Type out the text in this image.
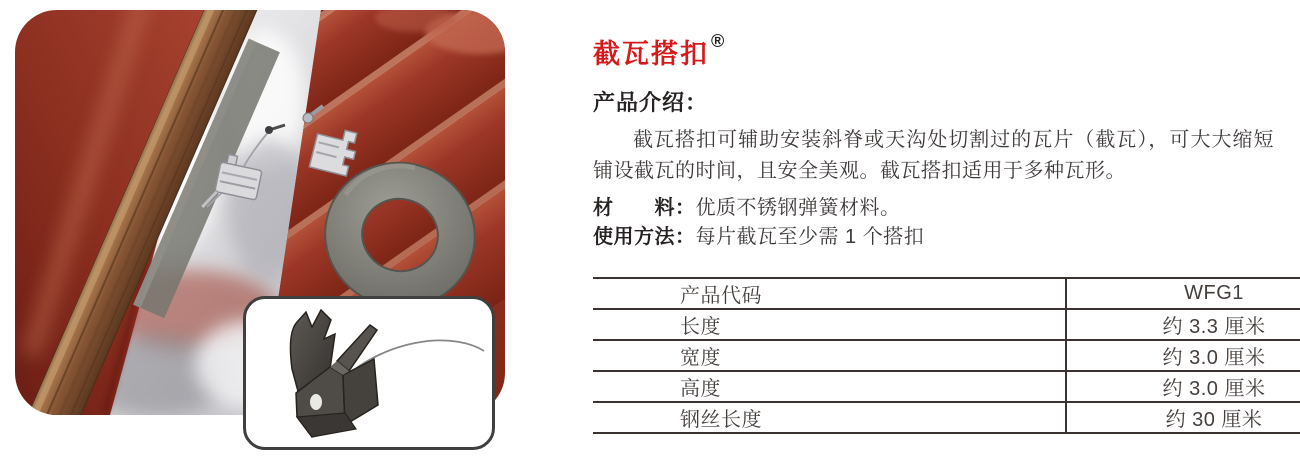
截瓦搭扣 ®
产品介绍：

截瓦搭扣可辅助安装斜脊或天沟处切割过的瓦片（截瓦），可大大缩短铺设截瓦的时间，且安全美观。截瓦搭扣适用于多种瓦形。

材　　料：优质不锈钢弹簧材料。

使用方法：每片截瓦至少需 1 个搭扣

产品代码	WFG1
长度	约 3.3 厘米
宽度	约 3.0 厘米
高度	约 3.0 厘米
钢丝长度	约 30 厘米
